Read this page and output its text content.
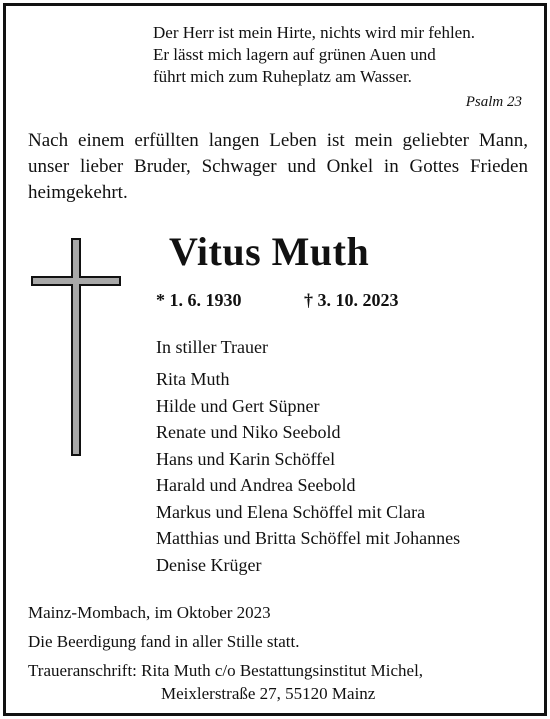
Der Herr ist mein Hirte, nichts wird mir fehlen.
Er lässt mich lagern auf grünen Auen und
führt mich zum Ruheplatz am Wasser.
Psalm 23
Nach einem erfüllten langen Leben ist mein geliebter Mann, unser lieber Bruder, Schwager und Onkel in Gottes Frieden heimgekehrt.
Vitus Muth
* 1. 6. 1930	† 3. 10. 2023
In stiller Trauer
Rita Muth
Hilde und Gert Süpner
Renate und Niko Seebold
Hans und Karin Schöffel
Harald und Andrea Seebold
Markus und Elena Schöffel mit Clara
Matthias und Britta Schöffel mit Johannes
Denise Krüger
Mainz-Mombach, im Oktober 2023
Die Beerdigung fand in aller Stille statt.
Traueranschrift: Rita Muth c/o Bestattungsinstitut Michel,
Meixlerstraße 27, 55120 Mainz
